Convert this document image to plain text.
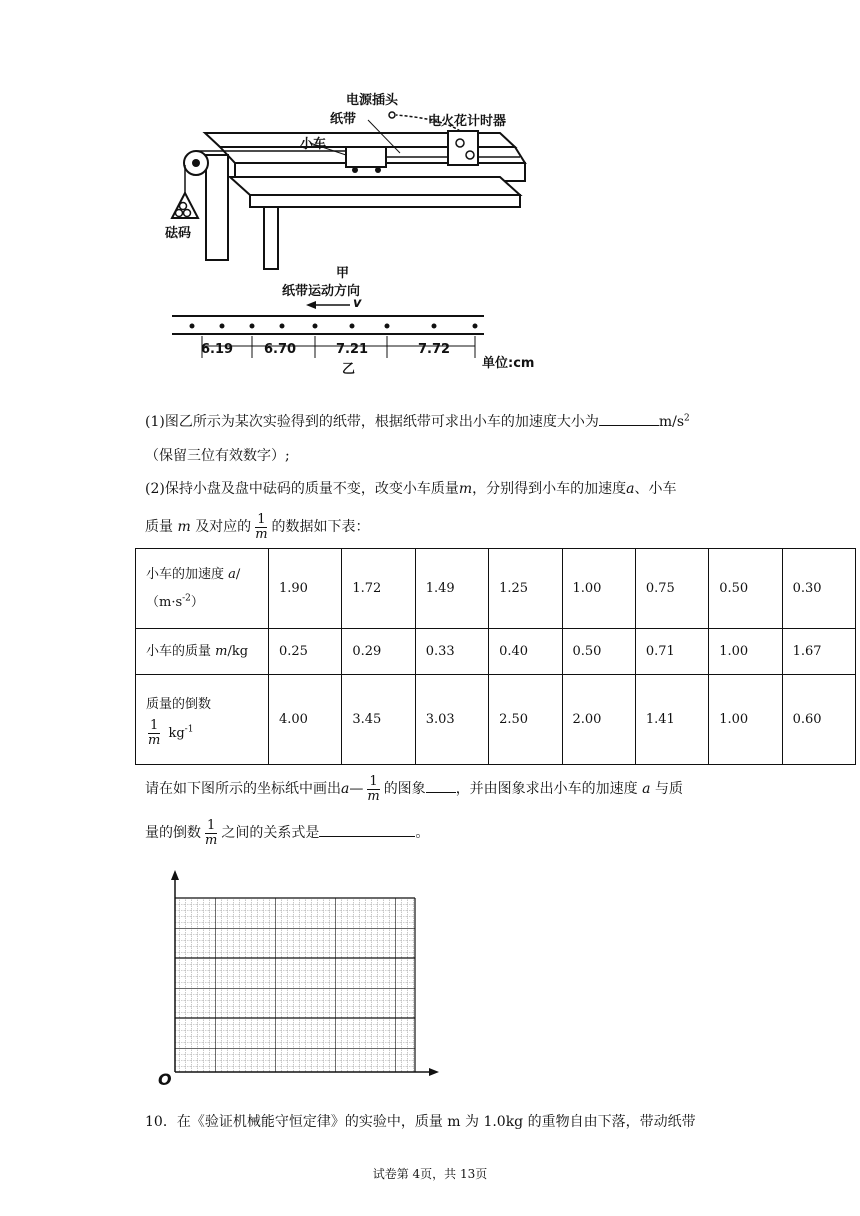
电源插头
纸带	电火花计时器
小车
砝码
甲
纸带运动方向
v
6.19 6.70	7.21	7.72
单位:cm
乙
(1)图乙所示为某次实验得到的纸带，根据纸带可求出小车的加速度大小为	$m/s^2$
（保留三位有效数字）;
(2)保持小盘及盘中砝码的质量不变，改变小车质量m，分别得到小车的加速度a、小车
质量 m 及对应的 $\frac{1}{m}$ 的数据如下表：
小车的加速度 a/
$(m\cdot s^{-2})$	1.90	1.72	1.49	1.25	1.00	0.75	0.50	0.30
小车的质量 m/kg	0.25	0.29	0.33	0.40	0.50	0.71	1.00	1.67
质量的倒数

$\frac{1}{m} kg^{-1}$	4.00	3.45	3.03	2.50	2.00	1.41	1.00	0.60
请在如下图所示的坐标纸中画出a— $\frac{1}{m}$ 的图象 ，并由图象求出小车的加速度 a 与质
量的倒数 $\frac{1}{m}$ 之间的关系式是	。
O
10．在《验证机械能守恒定律》的实验中，质量 m 为 1.0kg 的重物自由下落，带动纸带
试卷第 4页，共 13页
